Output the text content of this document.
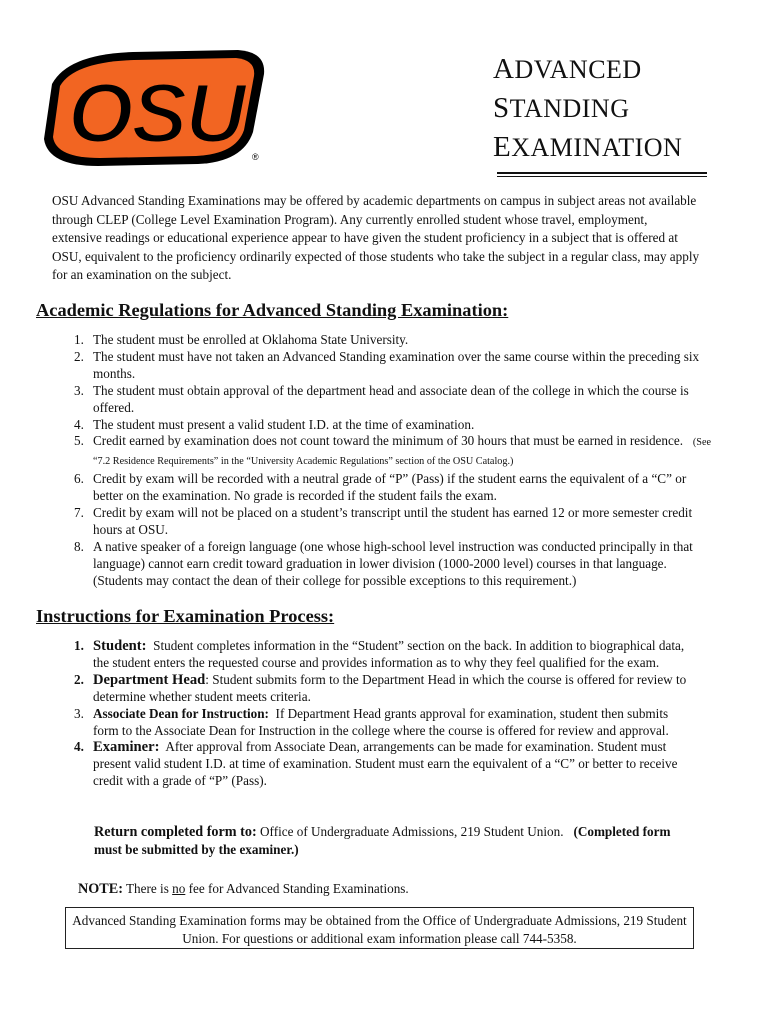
OSU ®
ADVANCED
STANDING
EXAMINATION

OSU Advanced Standing Examinations may be offered by academic departments on campus in subject areas not available through CLEP (College Level Examination Program). Any currently enrolled student whose travel, employment, extensive readings or educational experience appear to have given the student proficiency in a subject that is offered at OSU, equivalent to the proficiency ordinarily expected of those students who take the subject in a regular class, may apply for an examination on the subject.

Academic Regulations for Advanced Standing Examination:
1. The student must be enrolled at Oklahoma State University.
2. The student must have not taken an Advanced Standing examination over the same course within the preceding six months.
3. The student must obtain approval of the department head and associate dean of the college in which the course is offered.
4. The student must present a valid student I.D. at the time of examination.
5. Credit earned by examination does not count toward the minimum of 30 hours that must be earned in residence. (See “7.2 Residence Requirements” in the “University Academic Regulations” section of the OSU Catalog.)
6. Credit by exam will be recorded with a neutral grade of “P” (Pass) if the student earns the equivalent of a “C” or better on the examination. No grade is recorded if the student fails the exam.
7. Credit by exam will not be placed on a student’s transcript until the student has earned 12 or more semester credit hours at OSU.
8. A native speaker of a foreign language (one whose high-school level instruction was conducted principally in that language) cannot earn credit toward graduation in lower division (1000-2000 level) courses in that language. (Students may contact the dean of their college for possible exceptions to this requirement.)
Instructions for Examination Process:
1. Student: Student completes information in the “Student” section on the back. In addition to biographical data, the student enters the requested course and provides information as to why they feel qualified for the exam.
2. Department Head: Student submits form to the Department Head in which the course is offered for review to determine whether student meets criteria.
3. Associate Dean for Instruction: If Department Head grants approval for examination, student then submits form to the Associate Dean for Instruction in the college where the course is offered for review and approval.
4. Examiner: After approval from Associate Dean, arrangements can be made for examination. Student must present valid student I.D. at time of examination. Student must earn the equivalent of a “C” or better to receive credit with a grade of “P” (Pass).

Return completed form to: Office of Undergraduate Admissions, 219 Student Union. (Completed form must be submitted by the examiner.)

NOTE: There is no fee for Advanced Standing Examinations.

Advanced Standing Examination forms may be obtained from the Office of Undergraduate Admissions, 219 Student Union. For questions or additional exam information please call 744-5358.
